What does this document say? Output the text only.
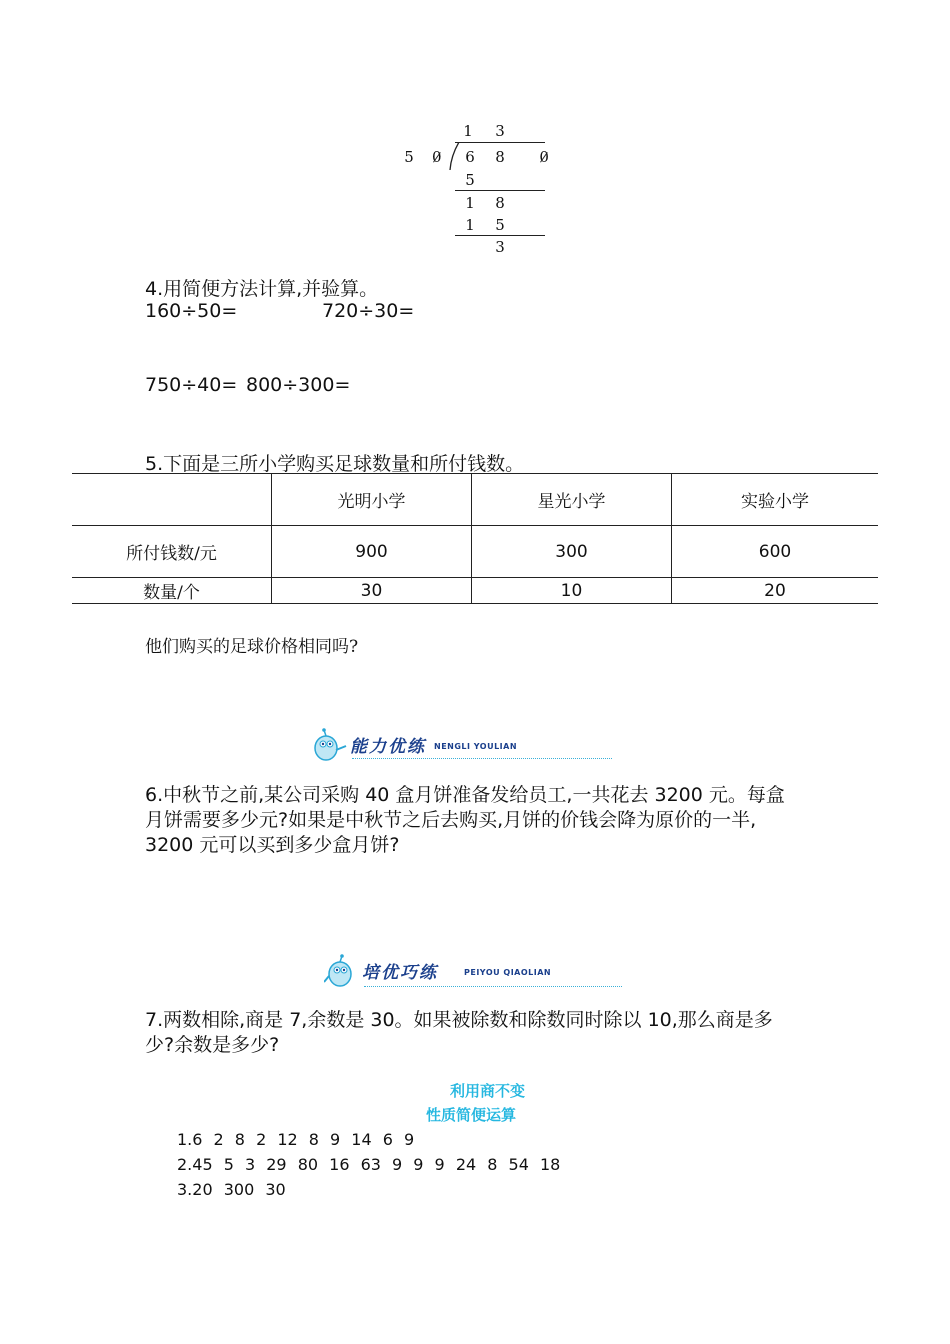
1 3
5 0 6 8 0
5
1 8
1 5
3
4.用简便方法计算,并验算。
160÷50=	720÷30=
750÷40= 800÷300=
5.下面是三所小学购买足球数量和所付钱数。
	光明小学	星光小学	实验小学
所付钱数/元	900	300	600
数量/个	30	10	20
他们购买的足球价格相同吗?
能力优练 NENGLI YOULIAN
6.中秋节之前,某公司采购 40 盒月饼准备发给员工,一共花去 3200 元。每盒
月饼需要多少元?如果是中秋节之后去购买,月饼的价钱会降为原价的一半,
3200 元可以买到多少盒月饼?
培优巧练	PEIYOU QIAOLIAN
7.两数相除,商是 7,余数是 30。如果被除数和除数同时除以 10,那么商是多
少?余数是多少?
利用商不变
性质简便运算
1.6 2 8 2 12 8 9 14 6 9
2.45 5 3 29 80 16 63 9 9 9 24 8 54 18
3.20 300 30
